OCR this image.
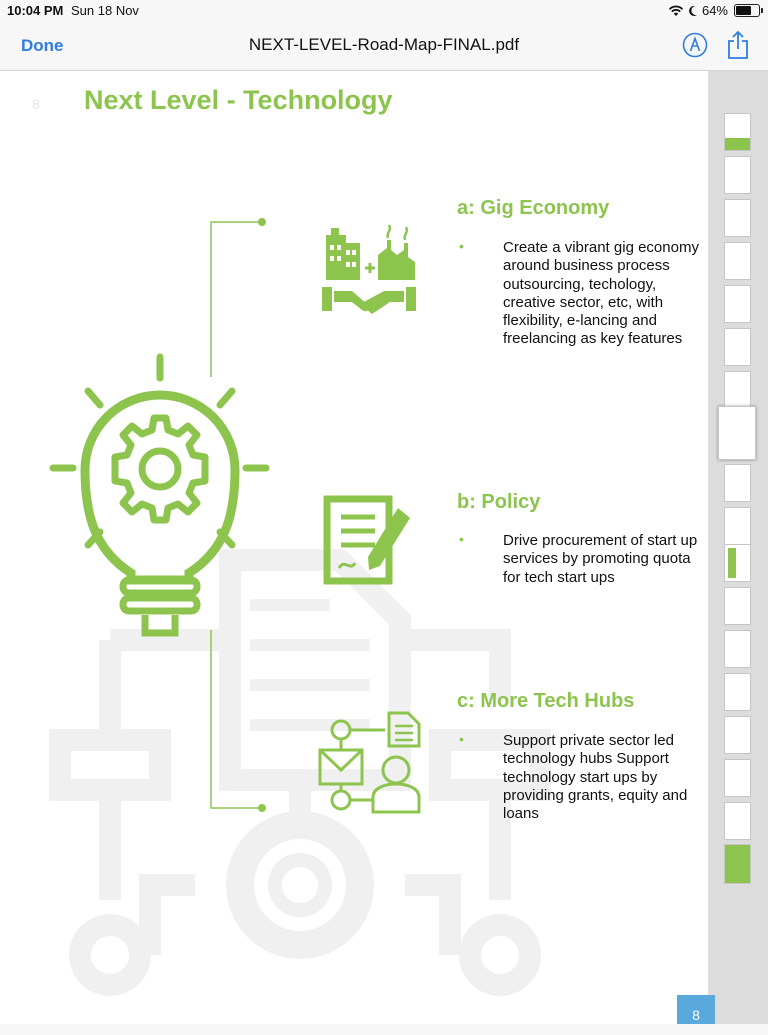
10:04 PM Sun 18 Nov	64%
Done	NEXT-LEVEL-Road-Map-FINAL.pdf
8 Next Level - Technology
a: Gig Economy
•	Create a vibrant gig economy around business process outsourcing, techology, creative sector, etc, with flexibility, e-lancing and freelancing as key features
b: Policy
•	Drive procurement of start up services by promoting quota for tech start ups
c: More Tech Hubs
•	Support private sector led technology hubs Support technology start ups by providing grants, equity and loans
8
